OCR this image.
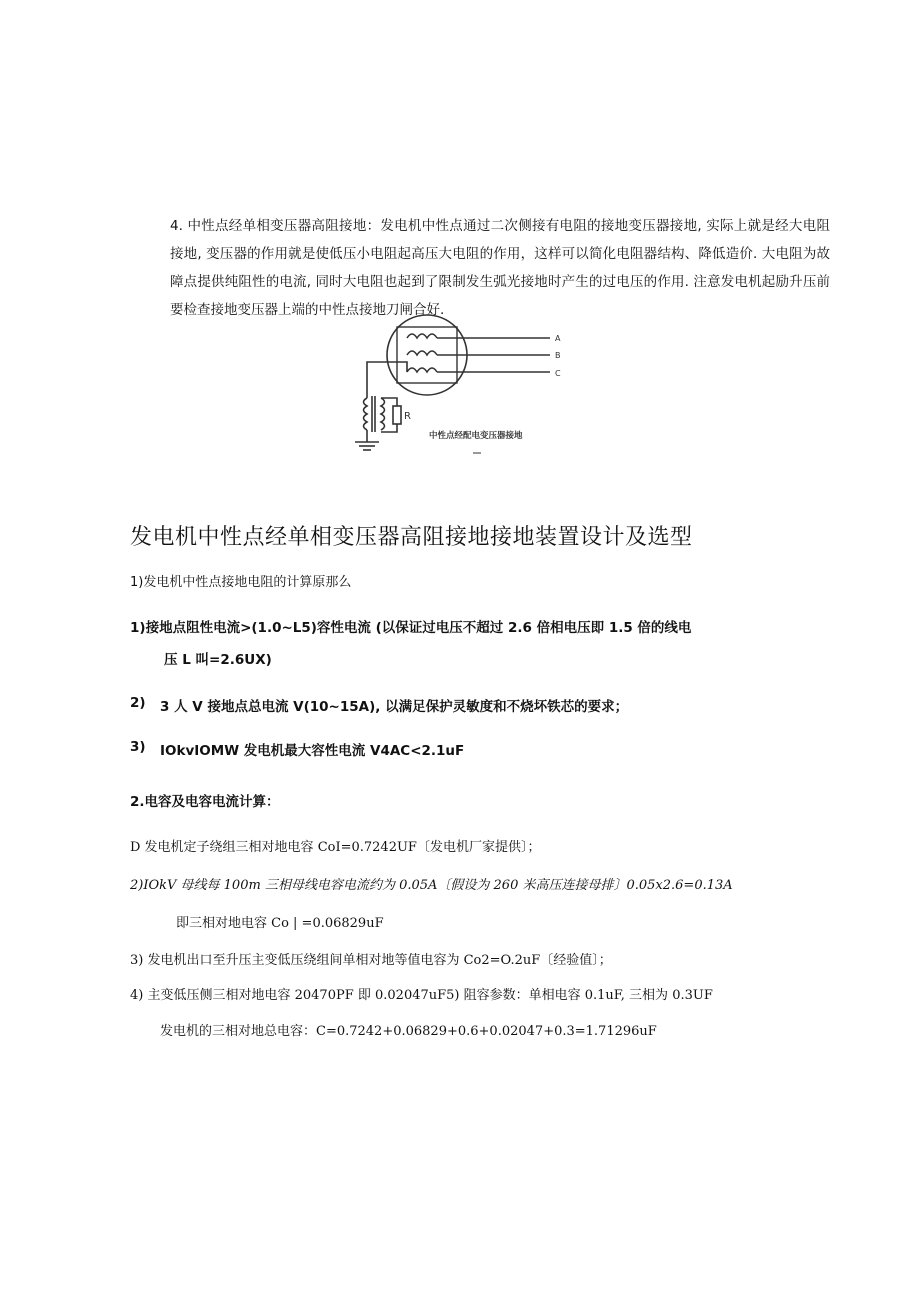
4. 中性点经单相变压器高阻接地：发电机中性点通过二次侧接有电阻的接地变压器接地, 实际上就是经大电阻接地, 变压器的作用就是使低压小电阻起高压大电阻的作用，这样可以简化电阻器结构、降低造价. 大电阻为故障点提供纯阻性的电流, 同时大电阻也起到了限制发生弧光接地时产生的过电压的作用. 注意发电机起励升压前要检查接地变压器上端的中性点接地刀闸合好.

A
B
C
R
中性点经配电变压器接地
发电机中性点经单相变压器高阻接地接地装置设计及选型

1)发电机中性点接地电阻的计算原那么

1)接地点阻性电流>(1.0~L5)容性电流 (以保证过电压不超过 2.6 倍相电压即 1.5 倍的线电

压 L 叫=2.6UX)

2) 3 人 V 接地点总电流 V(10~15A), 以满足保护灵敏度和不烧坏铁芯的要求；

3) IOkvIOMW 发电机最大容性电流 V4AC<2.1uF

2.电容及电容电流计算：

D 发电机定子绕组三相对地电容 CoI=0.7242UF〔发电机厂家提供〕；

2)IOkV 母线每 100m 三相母线电容电流约为 0.05A〔假设为 260 米高压连接母排〕0.05x2.6=0.13A

即三相对地电容 Co | =0.06829uF

3) 发电机出口至升压主变低压绕组间单相对地等值电容为 Co2=O.2uF〔经验值〕；

4) 主变低压侧三相对地电容 20470PF 即 0.02047uF5) 阻容参数：单相电容 0.1uF, 三相为 0.3UF

发电机的三相对地总电容：C=0.7242+0.06829+0.6+0.02047+0.3=1.71296uF
